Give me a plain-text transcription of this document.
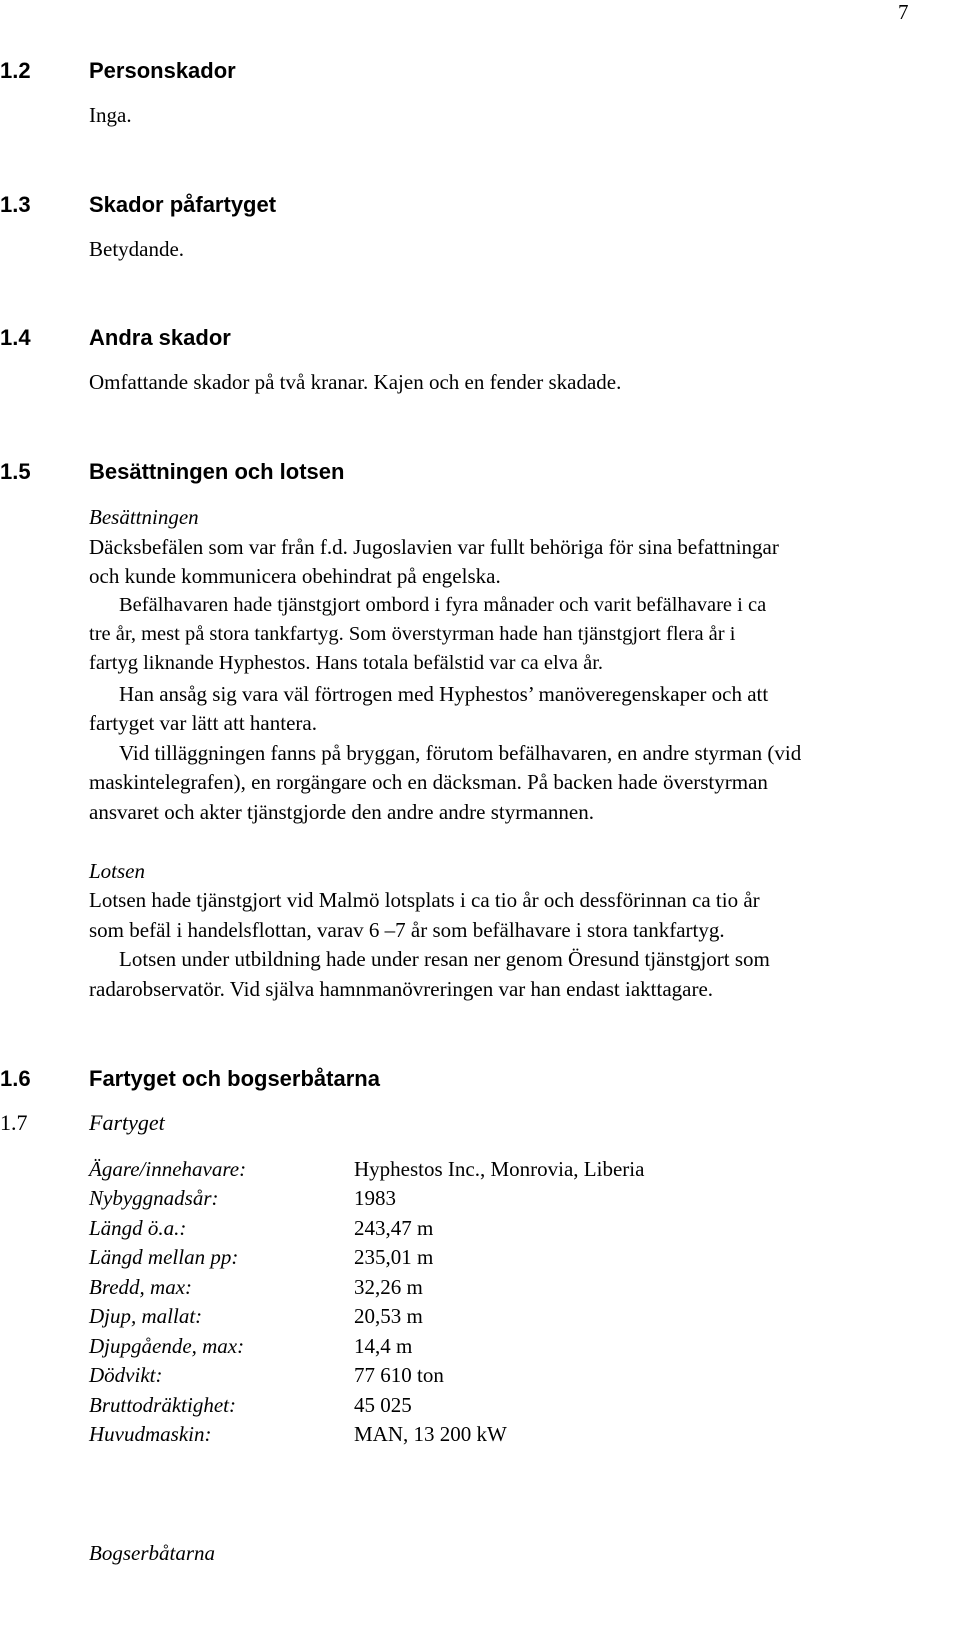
7
1.2	Personskador
Inga.
1.3	Skador påfartyget
Betydande.
1.4	Andra skador
Omfattande skador på två kranar. Kajen och en fender skadade.
1.5	Besättningen och lotsen
Besättningen
Däcksbefälen som var från f.d. Jugoslavien var fullt behöriga för sina befattningar
och kunde kommunicera obehindrat på engelska.
Befälhavaren hade tjänstgjort ombord i fyra månader och varit befälhavare i ca
tre år, mest på stora tankfartyg. Som överstyrman hade han tjänstgjort flera år i
fartyg liknande Hyphestos. Hans totala befälstid var ca elva år.
Han ansåg sig vara väl förtrogen med Hyphestos’ manöveregenskaper och att
fartyget var lätt att hantera.
Vid tilläggningen fanns på bryggan, förutom befälhavaren, en andre styrman (vid
maskintelegrafen), en rorgängare och en däcksman. På backen hade överstyrman
ansvaret och akter tjänstgjorde den andre andre styrmannen.
Lotsen
Lotsen hade tjänstgjort vid Malmö lotsplats i ca tio år och dessförinnan ca tio år
som befäl i handelsflottan, varav 6 –7 år som befälhavare i stora tankfartyg.
Lotsen under utbildning hade under resan ner genom Öresund tjänstgjort som
radarobservatör. Vid själva hamnmanövreringen var han endast iakttagare.
1.6	Fartyget och bogserbåtarna
1.7	Fartyget
Ägare/innehavare:	Hyphestos Inc., Monrovia, Liberia
Nybyggnadsår:	1983
Längd ö.a.:	243,47 m
Längd mellan pp:	235,01 m
Bredd, max:	32,26 m
Djup, mallat:	20,53 m
Djupgående, max:	14,4 m
Dödvikt:	77 610 ton
Bruttodräktighet:	45 025
Huvudmaskin:	MAN, 13 200 kW
Bogserbåtarna
